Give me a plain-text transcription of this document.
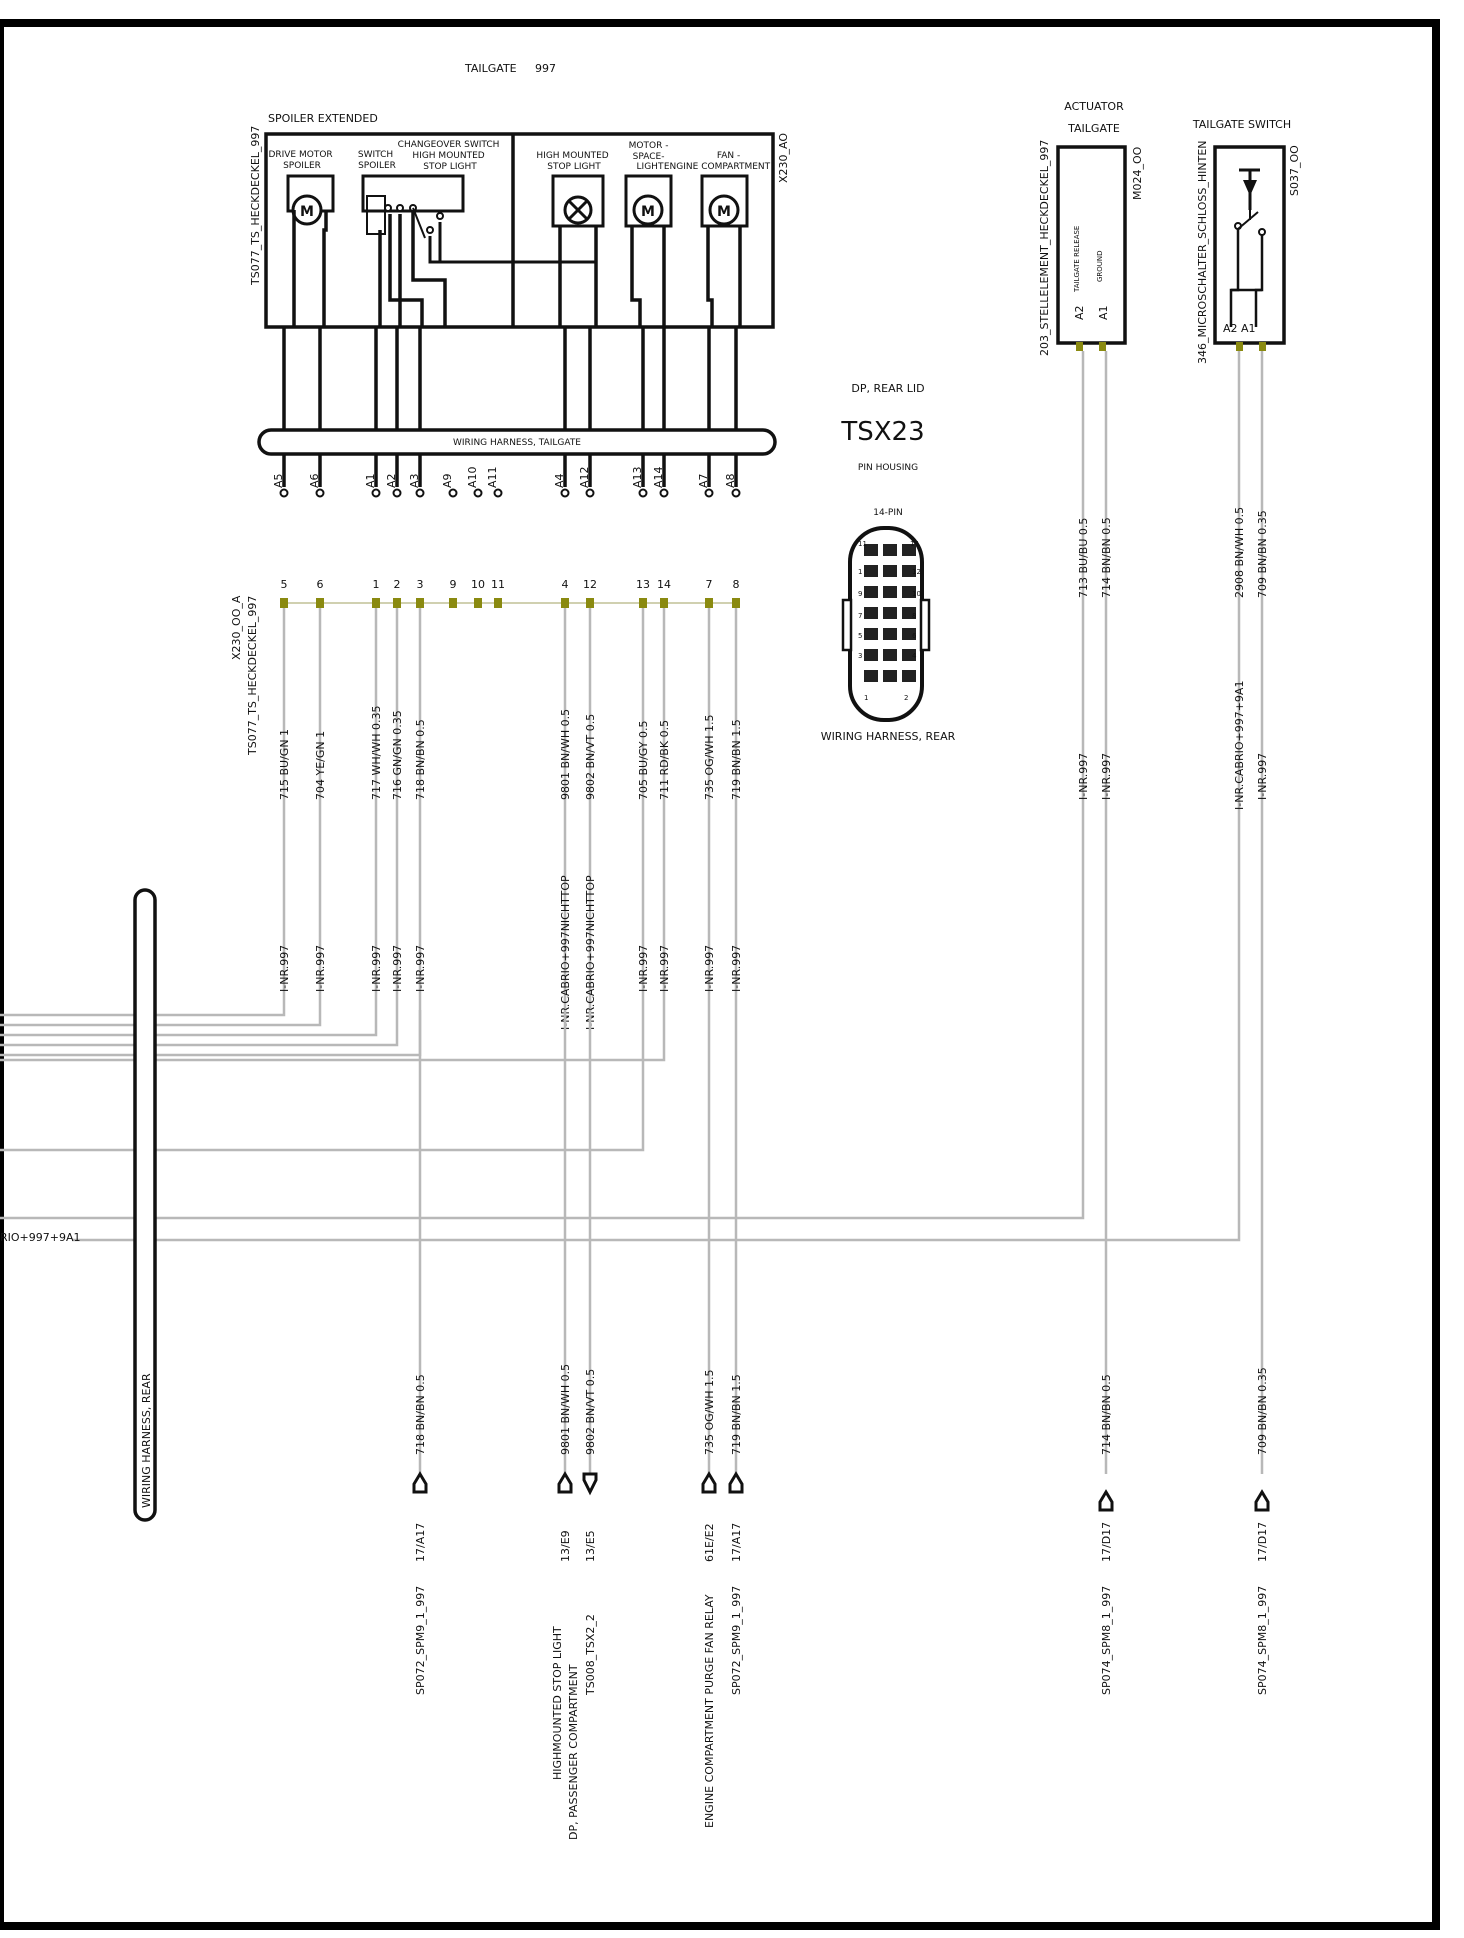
TAILGATE 997
SPOILER EXTENDED
TS077_TS_HECKDECKEL_997	X230_AO
DRIVE MOTOR SPOILER
SWITCH SPOILER
CHANGEOVER SWITCH HIGH MOUNTED STOP LIGHT
HIGH MOUNTED STOP LIGHT
MOTOR - SPACE- LIGHT
FAN - ENGINE COMPARTMENT
M	M	M
WIRING HARNESS, TAILGATE
A5 A6	A1 A2 A3 A9 A10 A11	A4 A12	A13 A14	A7 A8
DP, REAR LID
TSX23
PIN HOUSING
14-PIN
11	14
1	12
9	10
7	8
5	6
3	4
1	2
WIRING HARNESS, REAR
ACTUATOR
TAILGATE
203_STELLELEMENT_HECKDECKEL_997	M024_OO
TAILGATE RELEASE GROUND
A2 A1
TAILGATE SWITCH
346_MICROSCHALTER_SCHLOSS_HINTEN	S037_OO
A2 A1
X230_OO_A TS077_TS_HECKDECKEL_997
5	6	1 2 3 9 10 11	4 12	13 14	7 8
715 BU/GN 1
I-NR.997
704 YE/GN 1
I-NR.997
717 WH/WH 0.35
I-NR.997
716 GN/GN 0.35
I-NR.997
718 BN/BN 0.5
I-NR.997
9801 BN/WH 0.5
I-NR.CABRIO+997NICHTTOP
9802 BN/VT 0.5
I-NR.CABRIO+997NICHTTOP
705 BU/GY 0.5
I-NR.997
711 RD/BK 0.5
I-NR.997
735 OG/WH 1.5
I-NR.997
719 BN/BN 1.5
I-NR.997
713 BU/BU 0.5
I-NR.997
714 BN/BN 0.5
I-NR.997
2908 BN/WH 0.5
I-NR.CABRIO+997+9A1
709 BN/BN 0.35
I-NR.997
WIRING HARNESS, REAR
RIO+997+9A1
718 BN/BN 0.5
17/A17
SP072_SPM9_1_997
9801 BN/WH 0.5
13/E9
HIGHMOUNTED STOP LIGHT DP, PASSENGER COMPARTMENT
9802 BN/VT 0.5
13/E5
TS008_TSX2_2
735 OG/WH 1.5
61E/E2
ENGINE COMPARTMENT PURGE FAN RELAY
719 BN/BN 1.5
17/A17
SP072_SPM9_1_997
714 BN/BN 0.5
17/D17
SP074_SPM8_1_997
709 BN/BN 0.35
17/D17
SP074_SPM8_1_997
